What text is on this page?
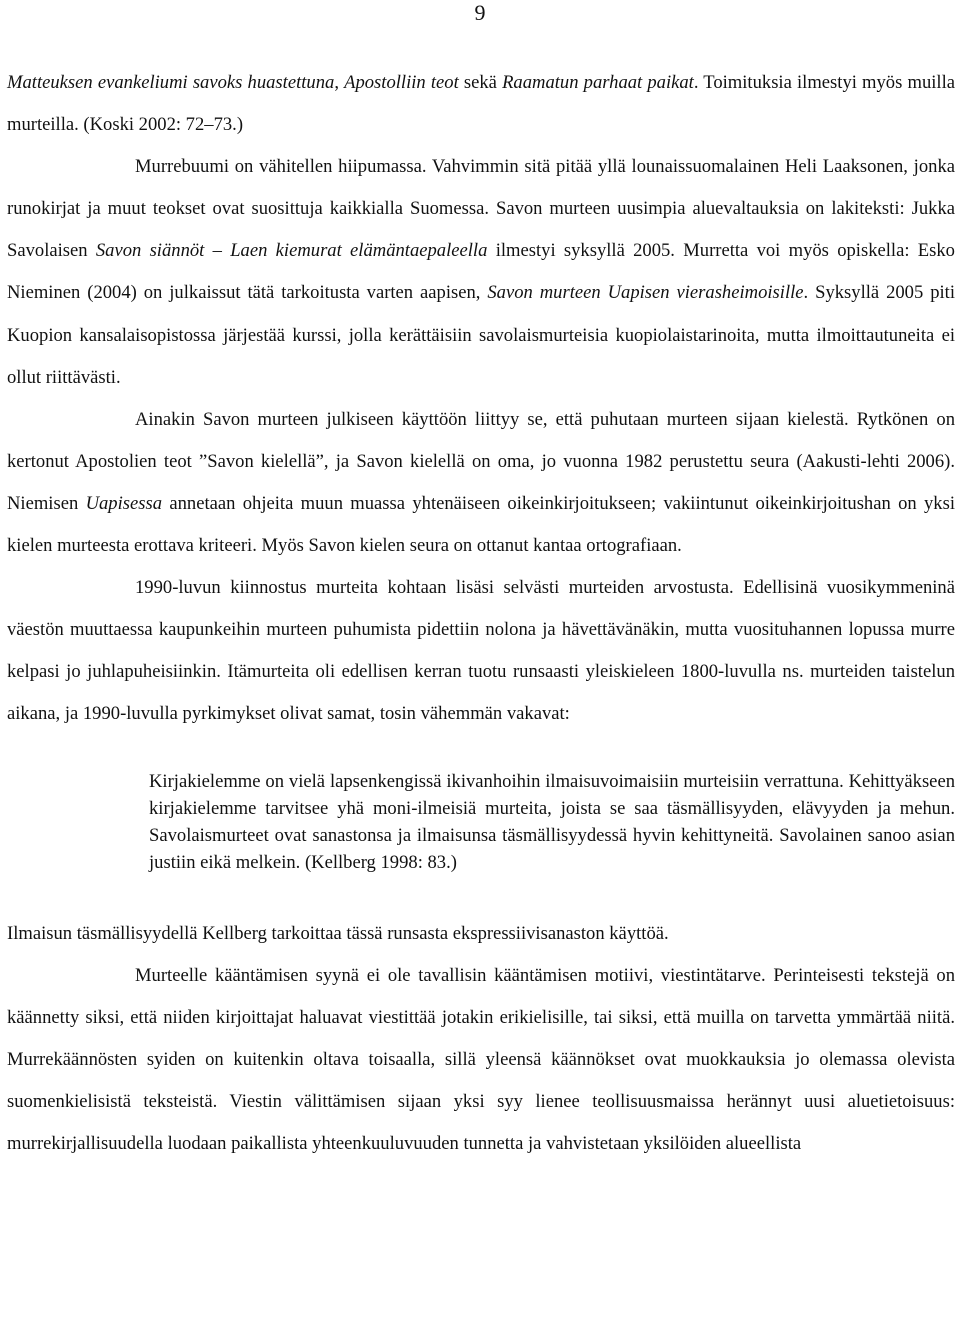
9

Matteuksen evankeliumi savoks huastettuna, Apostolliin teot sekä Raamatun parhaat paikat. Toimituksia ilmestyi myös muilla murteilla. (Koski 2002: 72–73.)

Murrebuumi on vähitellen hiipumassa. Vahvimmin sitä pitää yllä lounaissuomalainen Heli Laaksonen, jonka runokirjat ja muut teokset ovat suosittuja kaikkialla Suomessa. Savon murteen uusimpia aluevaltauksia on lakiteksti: Jukka Savolaisen Savon siännöt – Laen kiemurat elämäntaepaleella ilmestyi syksyllä 2005. Murretta voi myös opiskella: Esko Nieminen (2004) on julkaissut tätä tarkoitusta varten aapisen, Savon murteen Uapisen vierasheimoisille. Syksyllä 2005 piti Kuopion kansalaisopistossa järjestää kurssi, jolla kerättäisiin savolaismurteisia kuopiolaistarinoita, mutta ilmoittautuneita ei ollut riittävästi.

Ainakin Savon murteen julkiseen käyttöön liittyy se, että puhutaan murteen sijaan kielestä. Rytkönen on kertonut Apostolien teot ”Savon kielellä”, ja Savon kielellä on oma, jo vuonna 1982 perustettu seura (Aakusti-lehti 2006). Niemisen Uapisessa annetaan ohjeita muun muassa yhtenäiseen oikeinkirjoitukseen; vakiintunut oikeinkirjoitushan on yksi kielen murteesta erottava kriteeri. Myös Savon kielen seura on ottanut kantaa ortografiaan.

1990-luvun kiinnostus murteita kohtaan lisäsi selvästi murteiden arvostusta. Edellisinä vuosikymmeninä väestön muuttaessa kaupunkeihin murteen puhumista pidettiin nolona ja hävettävänäkin, mutta vuosituhannen lopussa murre kelpasi jo juhlapuheisiinkin. Itämurteita oli edellisen kerran tuotu runsaasti yleiskieleen 1800-luvulla ns. murteiden taistelun aikana, ja 1990-luvulla pyrkimykset olivat samat, tosin vähemmän vakavat:

Kirjakielemme on vielä lapsenkengissä ikivanhoihin ilmaisuvoimaisiin murteisiin verrattuna. Kehittyäkseen kirjakielemme tarvitsee yhä moni-ilmeisiä murteita, joista se saa täsmällisyyden, elävyyden ja mehun. Savolaismurteet ovat sanastonsa ja ilmaisunsa täsmällisyydessä hyvin kehittyneitä. Savolainen sanoo asian justiin eikä melkein. (Kellberg 1998: 83.)

Ilmaisun täsmällisyydellä Kellberg tarkoittaa tässä runsasta ekspressiivisanaston käyttöä.

Murteelle kääntämisen syynä ei ole tavallisin kääntämisen motiivi, viestintätarve. Perinteisesti tekstejä on käännetty siksi, että niiden kirjoittajat haluavat viestittää jotakin erikielisille, tai siksi, että muilla on tarvetta ymmärtää niitä. Murrekäännösten syiden on kuitenkin oltava toisaalla, sillä yleensä käännökset ovat muokkauksia jo olemassa olevista suomenkielisistä teksteistä. Viestin välittämisen sijaan yksi syy lienee teollisuusmaissa herännyt uusi aluetietoisuus: murrekirjallisuudella luodaan paikallista yhteenkuuluvuuden tunnetta ja vahvistetaan yksilöiden alueellista
